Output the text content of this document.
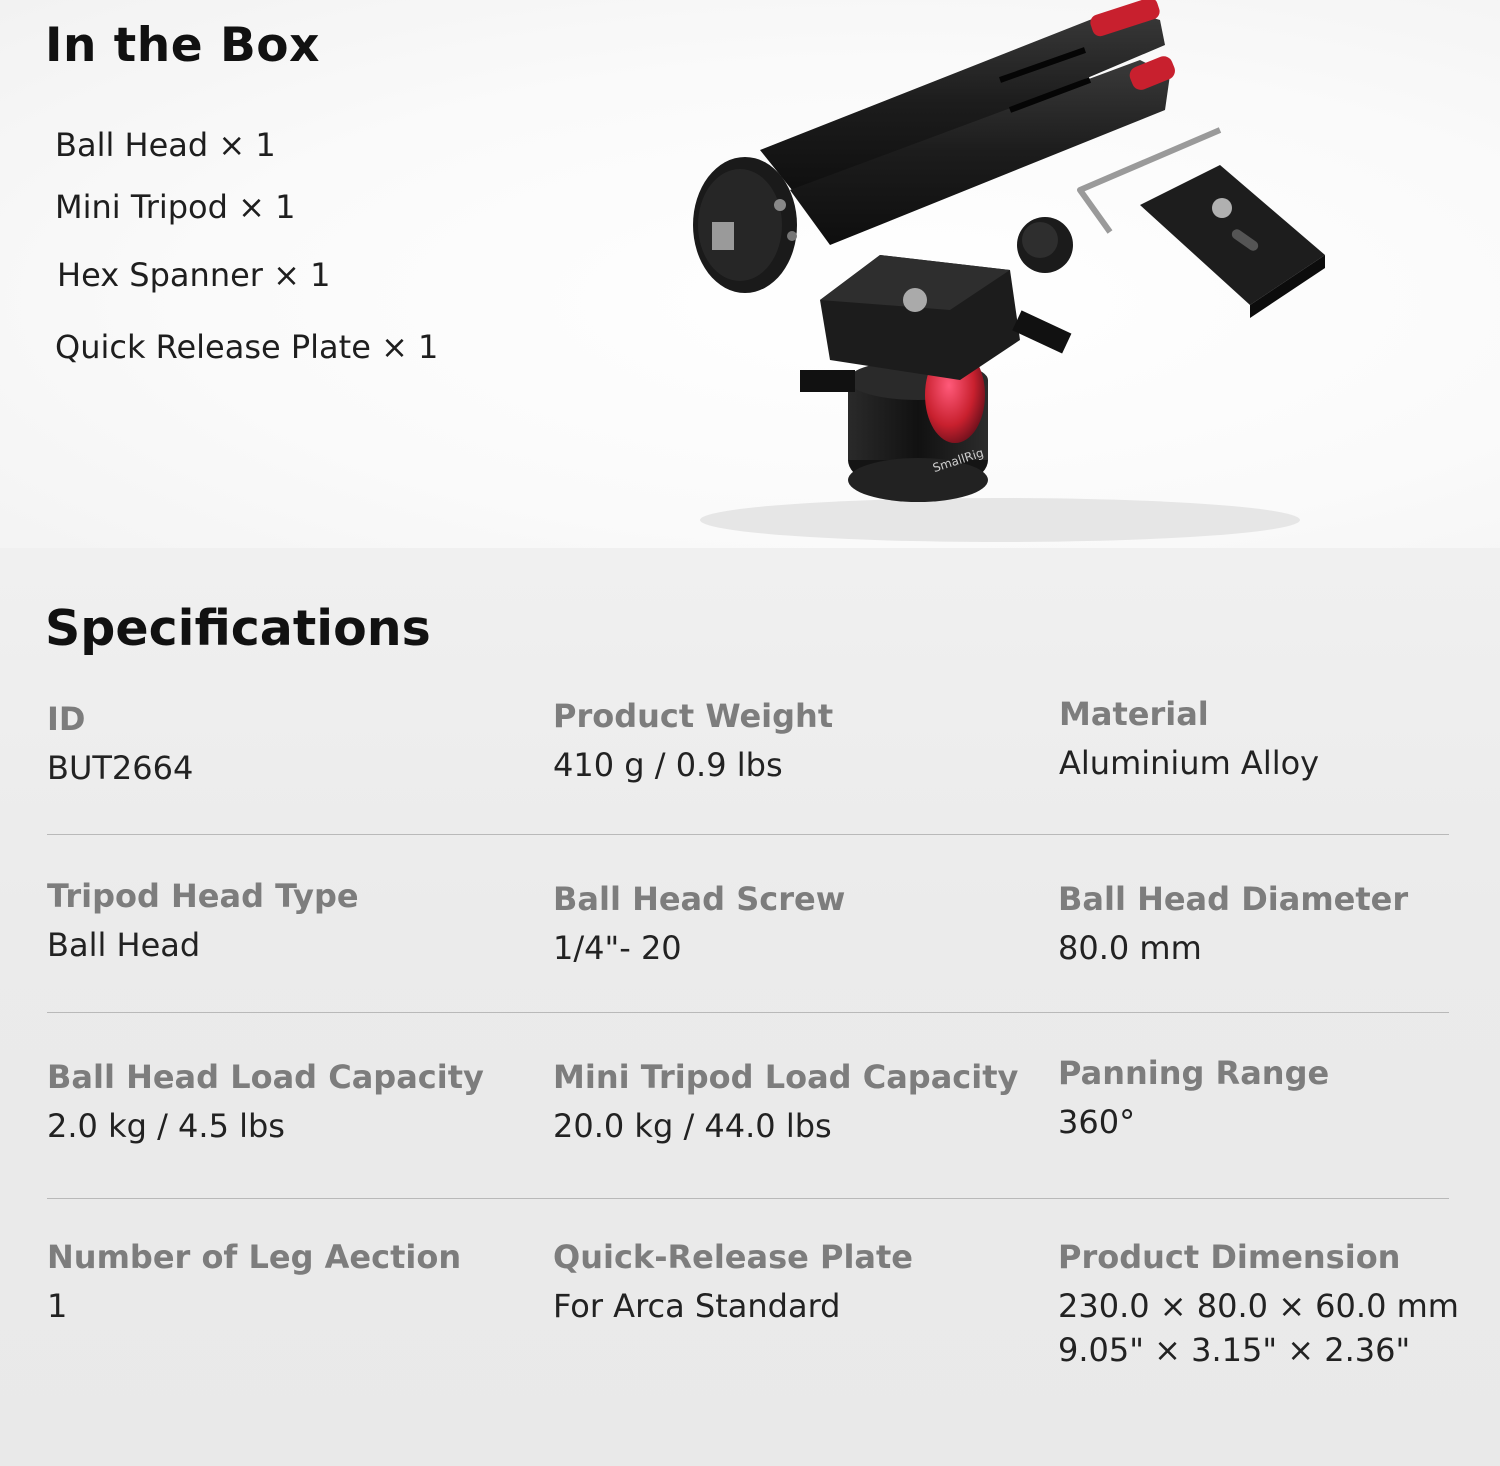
In the Box
Ball Head × 1
Mini Tripod × 1
Hex Spanner × 1
Quick Release Plate × 1
SmallRig
Specifications
ID
BUT2664
Product Weight
410 g / 0.9 lbs
Material
Aluminium Alloy
Tripod Head Type
Ball Head
Ball Head Screw
1/4"- 20
Ball Head Diameter
80.0 mm
Ball Head Load Capacity
2.0 kg / 4.5 lbs
Mini Tripod Load Capacity
20.0 kg / 44.0 lbs
Panning Range
360°
Number of Leg Aection
1
Quick-Release Plate
For Arca Standard
Product Dimension
230.0 × 80.0 × 60.0 mm
9.05" × 3.15" × 2.36"
